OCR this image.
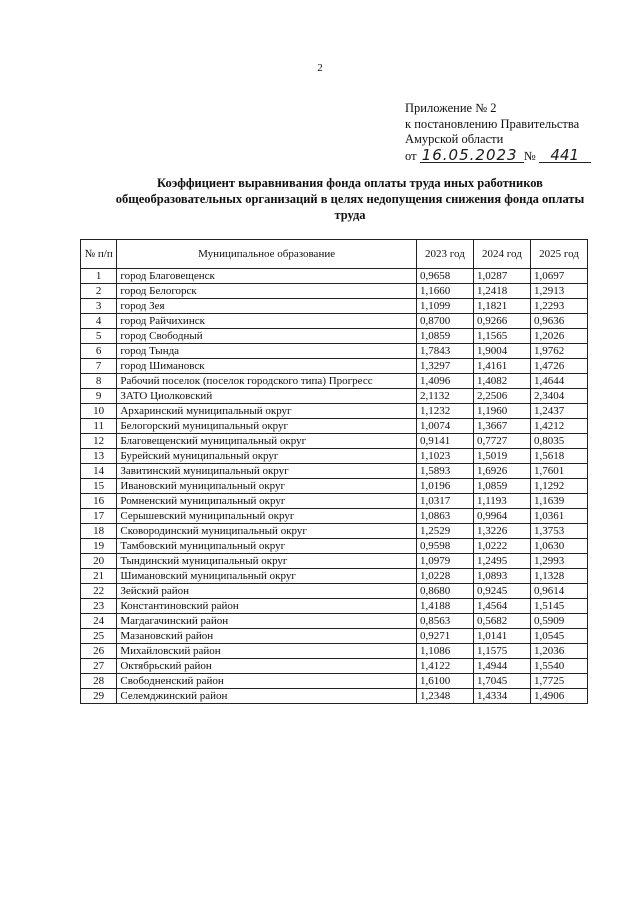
2
Приложение № 2
к постановлению Правительства
Амурской области
от 16.05.2023 № 441
Коэффициент выравнивания фонда оплаты труда иных работников общеобразовательных организаций в целях недопущения снижения фонда оплаты труда
№ п/п	Муниципальное образование	2023 год	2024 год	2025 год
1	город Благовещенск	0,9658	1,0287	1,0697
2	город Белогорск	1,1660	1,2418	1,2913
3	город Зея	1,1099	1,1821	1,2293
4	город Райчихинск	0,8700	0,9266	0,9636
5	город Свободный	1,0859	1,1565	1,2026
6	город Тында	1,7843	1,9004	1,9762
7	город Шимановск	1,3297	1,4161	1,4726
8	Рабочий поселок (поселок городского типа) Прогресс	1,4096	1,4082	1,4644
9	ЗАТО Циолковский	2,1132	2,2506	2,3404
10	Архаринский муниципальный округ	1,1232	1,1960	1,2437
11	Белогорский муниципальный округ	1,0074	1,3667	1,4212
12	Благовещенский муниципальный округ	0,9141	0,7727	0,8035
13	Бурейский муниципальный округ	1,1023	1,5019	1,5618
14	Завитинский муниципальный округ	1,5893	1,6926	1,7601
15	Ивановский муниципальный округ	1,0196	1,0859	1,1292
16	Ромненский муниципальный округ	1,0317	1,1193	1,1639
17	Серышевский муниципальный округ	1,0863	0,9964	1,0361
18	Сковородинский муниципальный округ	1,2529	1,3226	1,3753
19	Тамбовский муниципальный округ	0,9598	1,0222	1,0630
20	Тындинский муниципальный округ	1,0979	1,2495	1,2993
21	Шимановский муниципальный округ	1,0228	1,0893	1,1328
22	Зейский район	0,8680	0,9245	0,9614
23	Константиновский район	1,4188	1,4564	1,5145
24	Магдагачинский район	0,8563	0,5682	0,5909
25	Мазановский район	0,9271	1,0141	1,0545
26	Михайловский район	1,1086	1,1575	1,2036
27	Октябрьский район	1,4122	1,4944	1,5540
28	Свободненский район	1,6100	1,7045	1,7725
29	Селемджинский район	1,2348	1,4334	1,4906
